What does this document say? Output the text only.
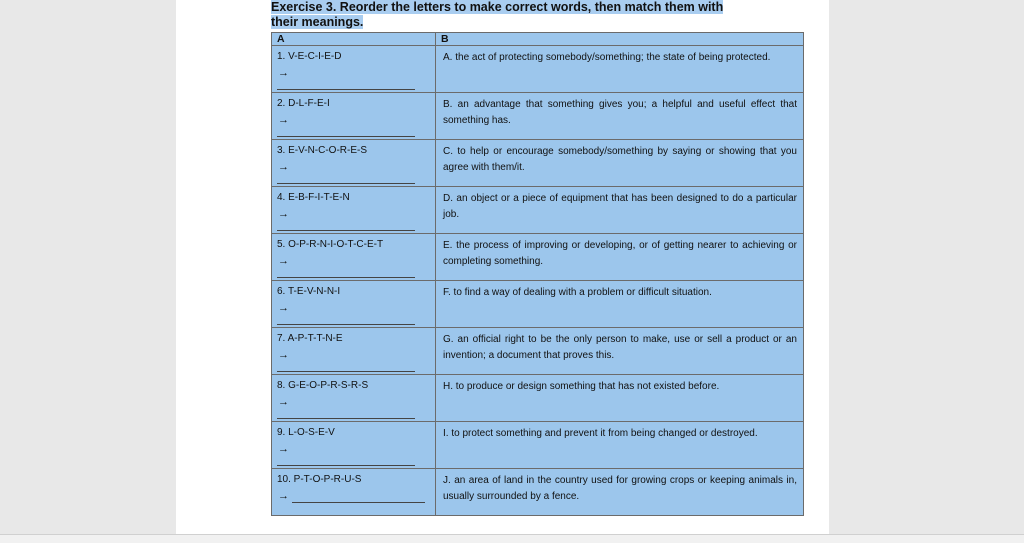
Exercise 3. Reorder the letters to make correct words, then match them with
their meanings.
A	B

1. V-E-C-I-E-D
→	A. the act of protecting somebody/something; the state of being protected.

2. D-L-F-E-I
→	B. an advantage that something gives you; a helpful and useful effect that something has.

3. E-V-N-C-O-R-E-S
→	C. to help or encourage somebody/something by saying or showing that you agree with them/it.

4. E-B-F-I-T-E-N
→	D. an object or a piece of equipment that has been designed to do a particular job.

5. O-P-R-N-I-O-T-C-E-T
→	E. the process of improving or developing, or of getting nearer to achieving or completing something.

6. T-E-V-N-N-I
→	F. to find a way of dealing with a problem or difficult situation.

7. A-P-T-T-N-E
→	G. an official right to be the only person to make, use or sell a product or an invention; a document that proves this.

8. G-E-O-P-R-S-R-S
→	H. to produce or design something that has not existed before.

9. L-O-S-E-V
→	I. to protect something and prevent it from being changed or destroyed.

10. P-T-O-P-R-U-S
→	J. an area of land in the country used for growing crops or keeping animals in, usually surrounded by a fence.
